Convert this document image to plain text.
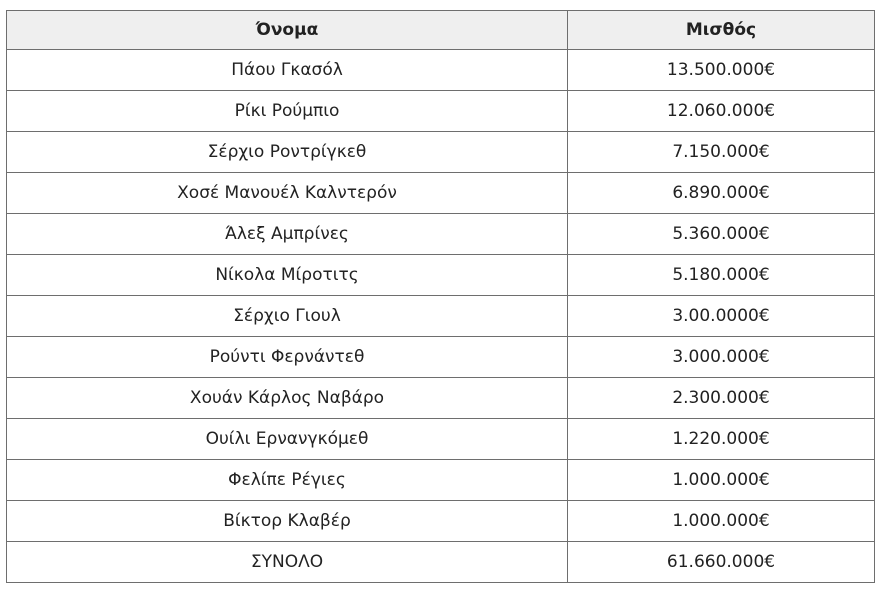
Όνομα	Μισθός
Πάου Γκασόλ	13.500.000€
Ρίκι Ρούμπιο	12.060.000€
Σέρχιο Ροντρίγκεθ	7.150.000€
Χοσέ Μανουέλ Καλντερόν	6.890.000€
Άλεξ Αμπρίνες	5.360.000€
Νίκολα Μίροτιτς	5.180.000€
Σέρχιο Γιουλ	3.00.0000€
Ρούντι Φερνάντεθ	3.000.000€
Χουάν Κάρλος Ναβάρο	2.300.000€
Ουίλι Ερνανγκόμεθ	1.220.000€
Φελίπε Ρέγιες	1.000.000€
Βίκτορ Κλαβέρ	1.000.000€
ΣΥΝΟΛΟ	61.660.000€
